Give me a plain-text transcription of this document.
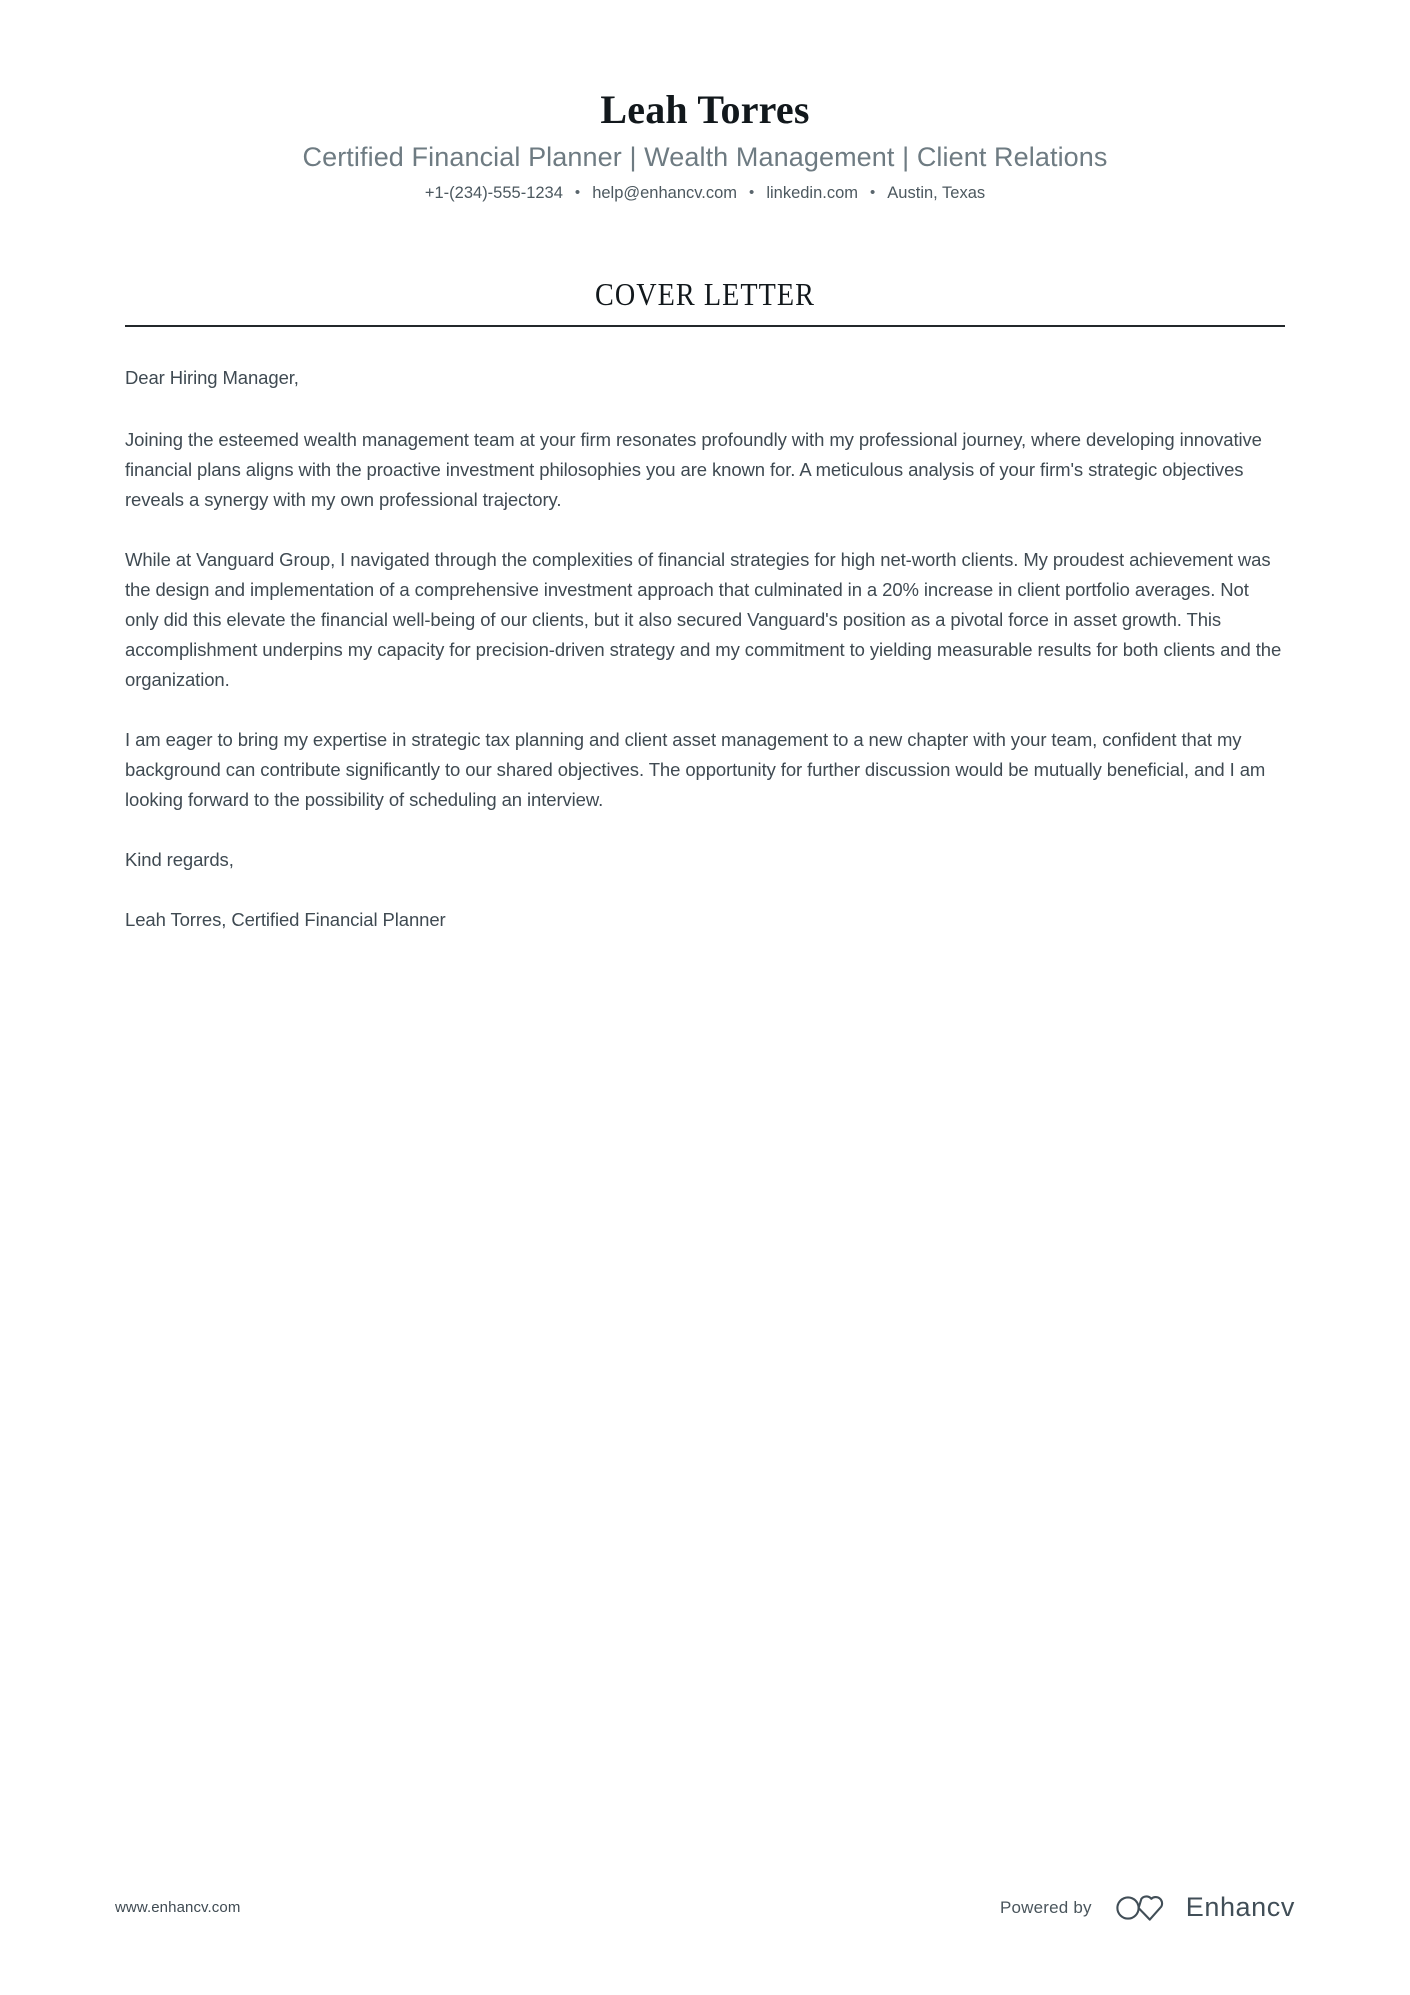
Leah Torres
Certified Financial Planner | Wealth Management | Client Relations
+1-(234)-555-1234 • help@enhancv.com • linkedin.com • Austin, Texas
COVER LETTER

Dear Hiring Manager,

Joining the esteemed wealth management team at your firm resonates profoundly with my professional journey, where developing innovative financial plans aligns with the proactive investment philosophies you are known for. A meticulous analysis of your firm's strategic objectives reveals a synergy with my own professional trajectory.

While at Vanguard Group, I navigated through the complexities of financial strategies for high net-worth clients. My proudest achievement was the design and implementation of a comprehensive investment approach that culminated in a 20% increase in client portfolio averages. Not only did this elevate the financial well-being of our clients, but it also secured Vanguard's position as a pivotal force in asset growth. This accomplishment underpins my capacity for precision-driven strategy and my commitment to yielding measurable results for both clients and the organization.

I am eager to bring my expertise in strategic tax planning and client asset management to a new chapter with your team, confident that my background can contribute significantly to our shared objectives. The opportunity for further discussion would be mutually beneficial, and I am looking forward to the possibility of scheduling an interview.

Kind regards,

Leah Torres, Certified Financial Planner

www.enhancv.com	Powered by	Enhancv
